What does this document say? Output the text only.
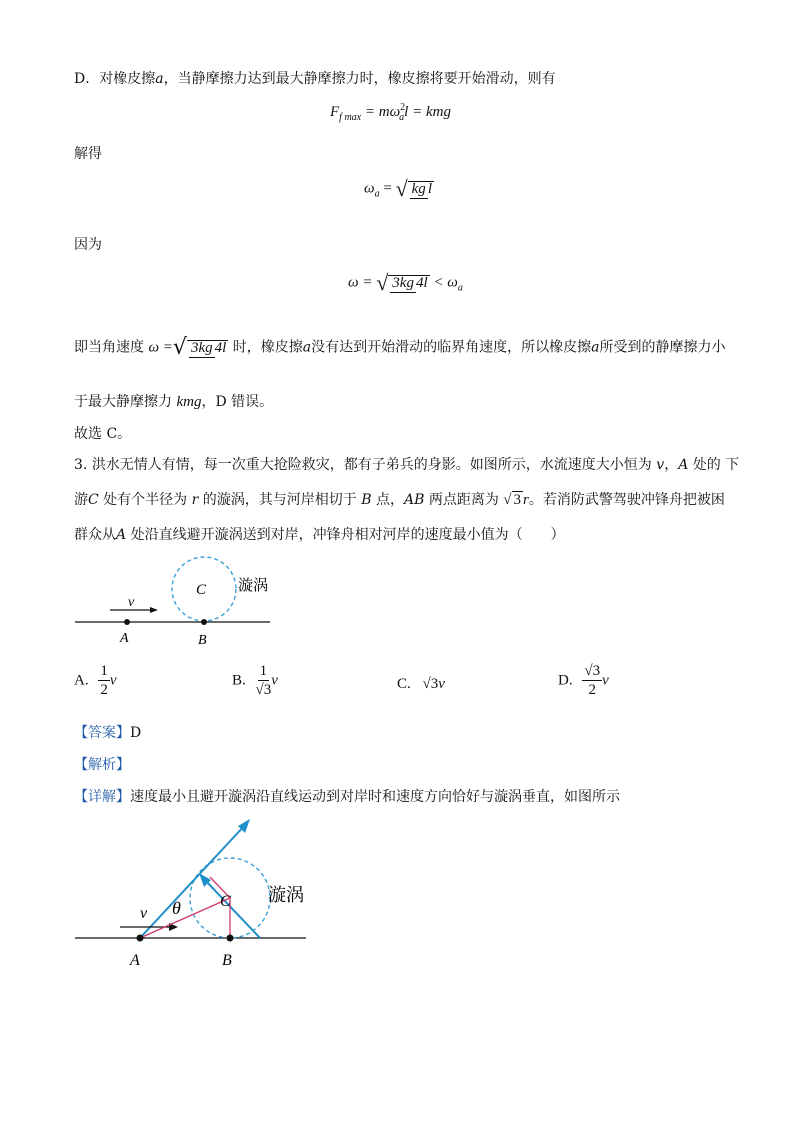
D．对橡皮擦a，当静摩擦力达到最大静摩擦力时，橡皮擦将要开始滑动，则有
$F_{f max} = m\omega^2_al$ = kmg
解得
$\omega_a$ = √ kg l
因为
ω = √ 3kg $4l < \omega_a$
即当角速度 ω =√ 3kg 4l 时，橡皮擦a没有达到开始滑动的临界角速度，所以橡皮擦a所受到的静摩擦力小
于最大静摩擦力 kmg，D 错误。
故选 C。
3. 洪水无情人有情，每一次重大抢险救灾，都有子弟兵的身影。如图所示，水流速度大小恒为 v，A 处的 下
游C 处有个半径为 r 的漩涡，其与河岸相切于 B 点，AB 两点距离为 √ 3 r。若消防武警驾驶冲锋舟把被困
群众从A 处沿直线避开漩涡送到对岸，冲锋舟相对河岸的速度最小值为（　　）
C 漩涡
v
A	B
A. $\frac{1}{2}$ v	B. $\frac{1}{√3}$ v	C. √3v	D. $\frac{√3}{2}$ v
【答案】D
【解析】
【详解】速度最小且避开漩涡沿直线运动到对岸时和速度方向恰好与漩涡垂直，如图所示
v θ C 漩涡
A	B
